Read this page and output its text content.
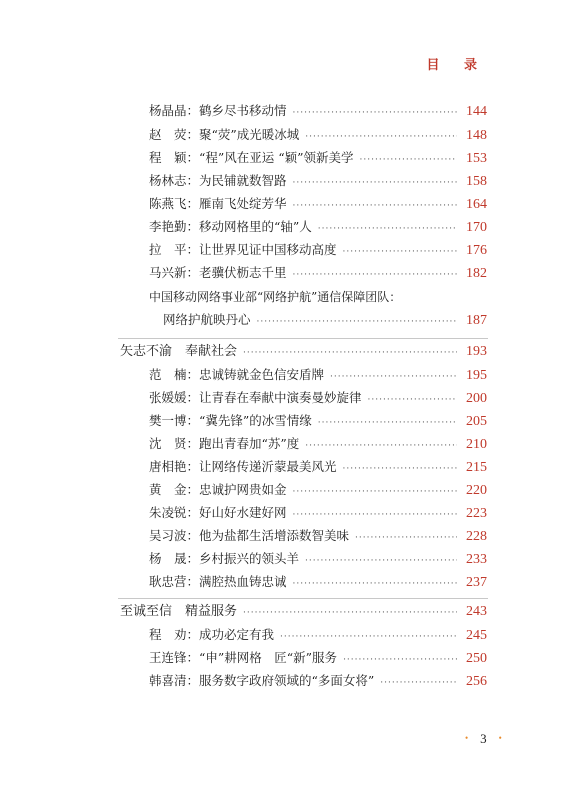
目 录
杨晶晶：鹤乡尽书移动情 ·····	144
赵　荧：聚“荧”成光暖冰城 ·····	148
程　颖：“程”风在亚运 “颖”领新美学 ·····	153
杨林志：为民铺就数智路 ·····	158
陈燕飞：雁南飞处绽芳华 ·····	164
李艳勤：移动网格里的“轴”人 ·····	170
拉　平：让世界见证中国移动高度 ·····	176
马兴新：老骥伏枥志千里 ·····	182
中国移动网络事业部“网络护航”通信保障团队：
网络护航映丹心 ·····	187
矢志不渝　奉献社会 ·····	193
范　楠：忠诚铸就金色信安盾牌 ·····	195
张媛媛：让青春在奉献中演奏曼妙旋律 ·····	200
樊一博：“冀先锋”的冰雪情缘 ·····	205
沈　贤：跑出青春加“苏”度 ·····	210
唐相艳：让网络传递沂蒙最美风光 ·····	215
黄　金：忠诚护网贵如金 ·····	220
朱凌锐：好山好水建好网 ·····	223
吴习波：他为盐都生活增添数智美味 ·····	228
杨　晟：乡村振兴的领头羊 ·····	233
耿忠营：满腔热血铸忠诚 ·····	237
至诚至信　精益服务 ·····	243
程　劝：成功必定有我 ·····	245
王连锋：“申”耕网格　匠“新”服务 ·····	250
韩喜清：服务数字政府领域的“多面女将” ·····	256
• 3 •
